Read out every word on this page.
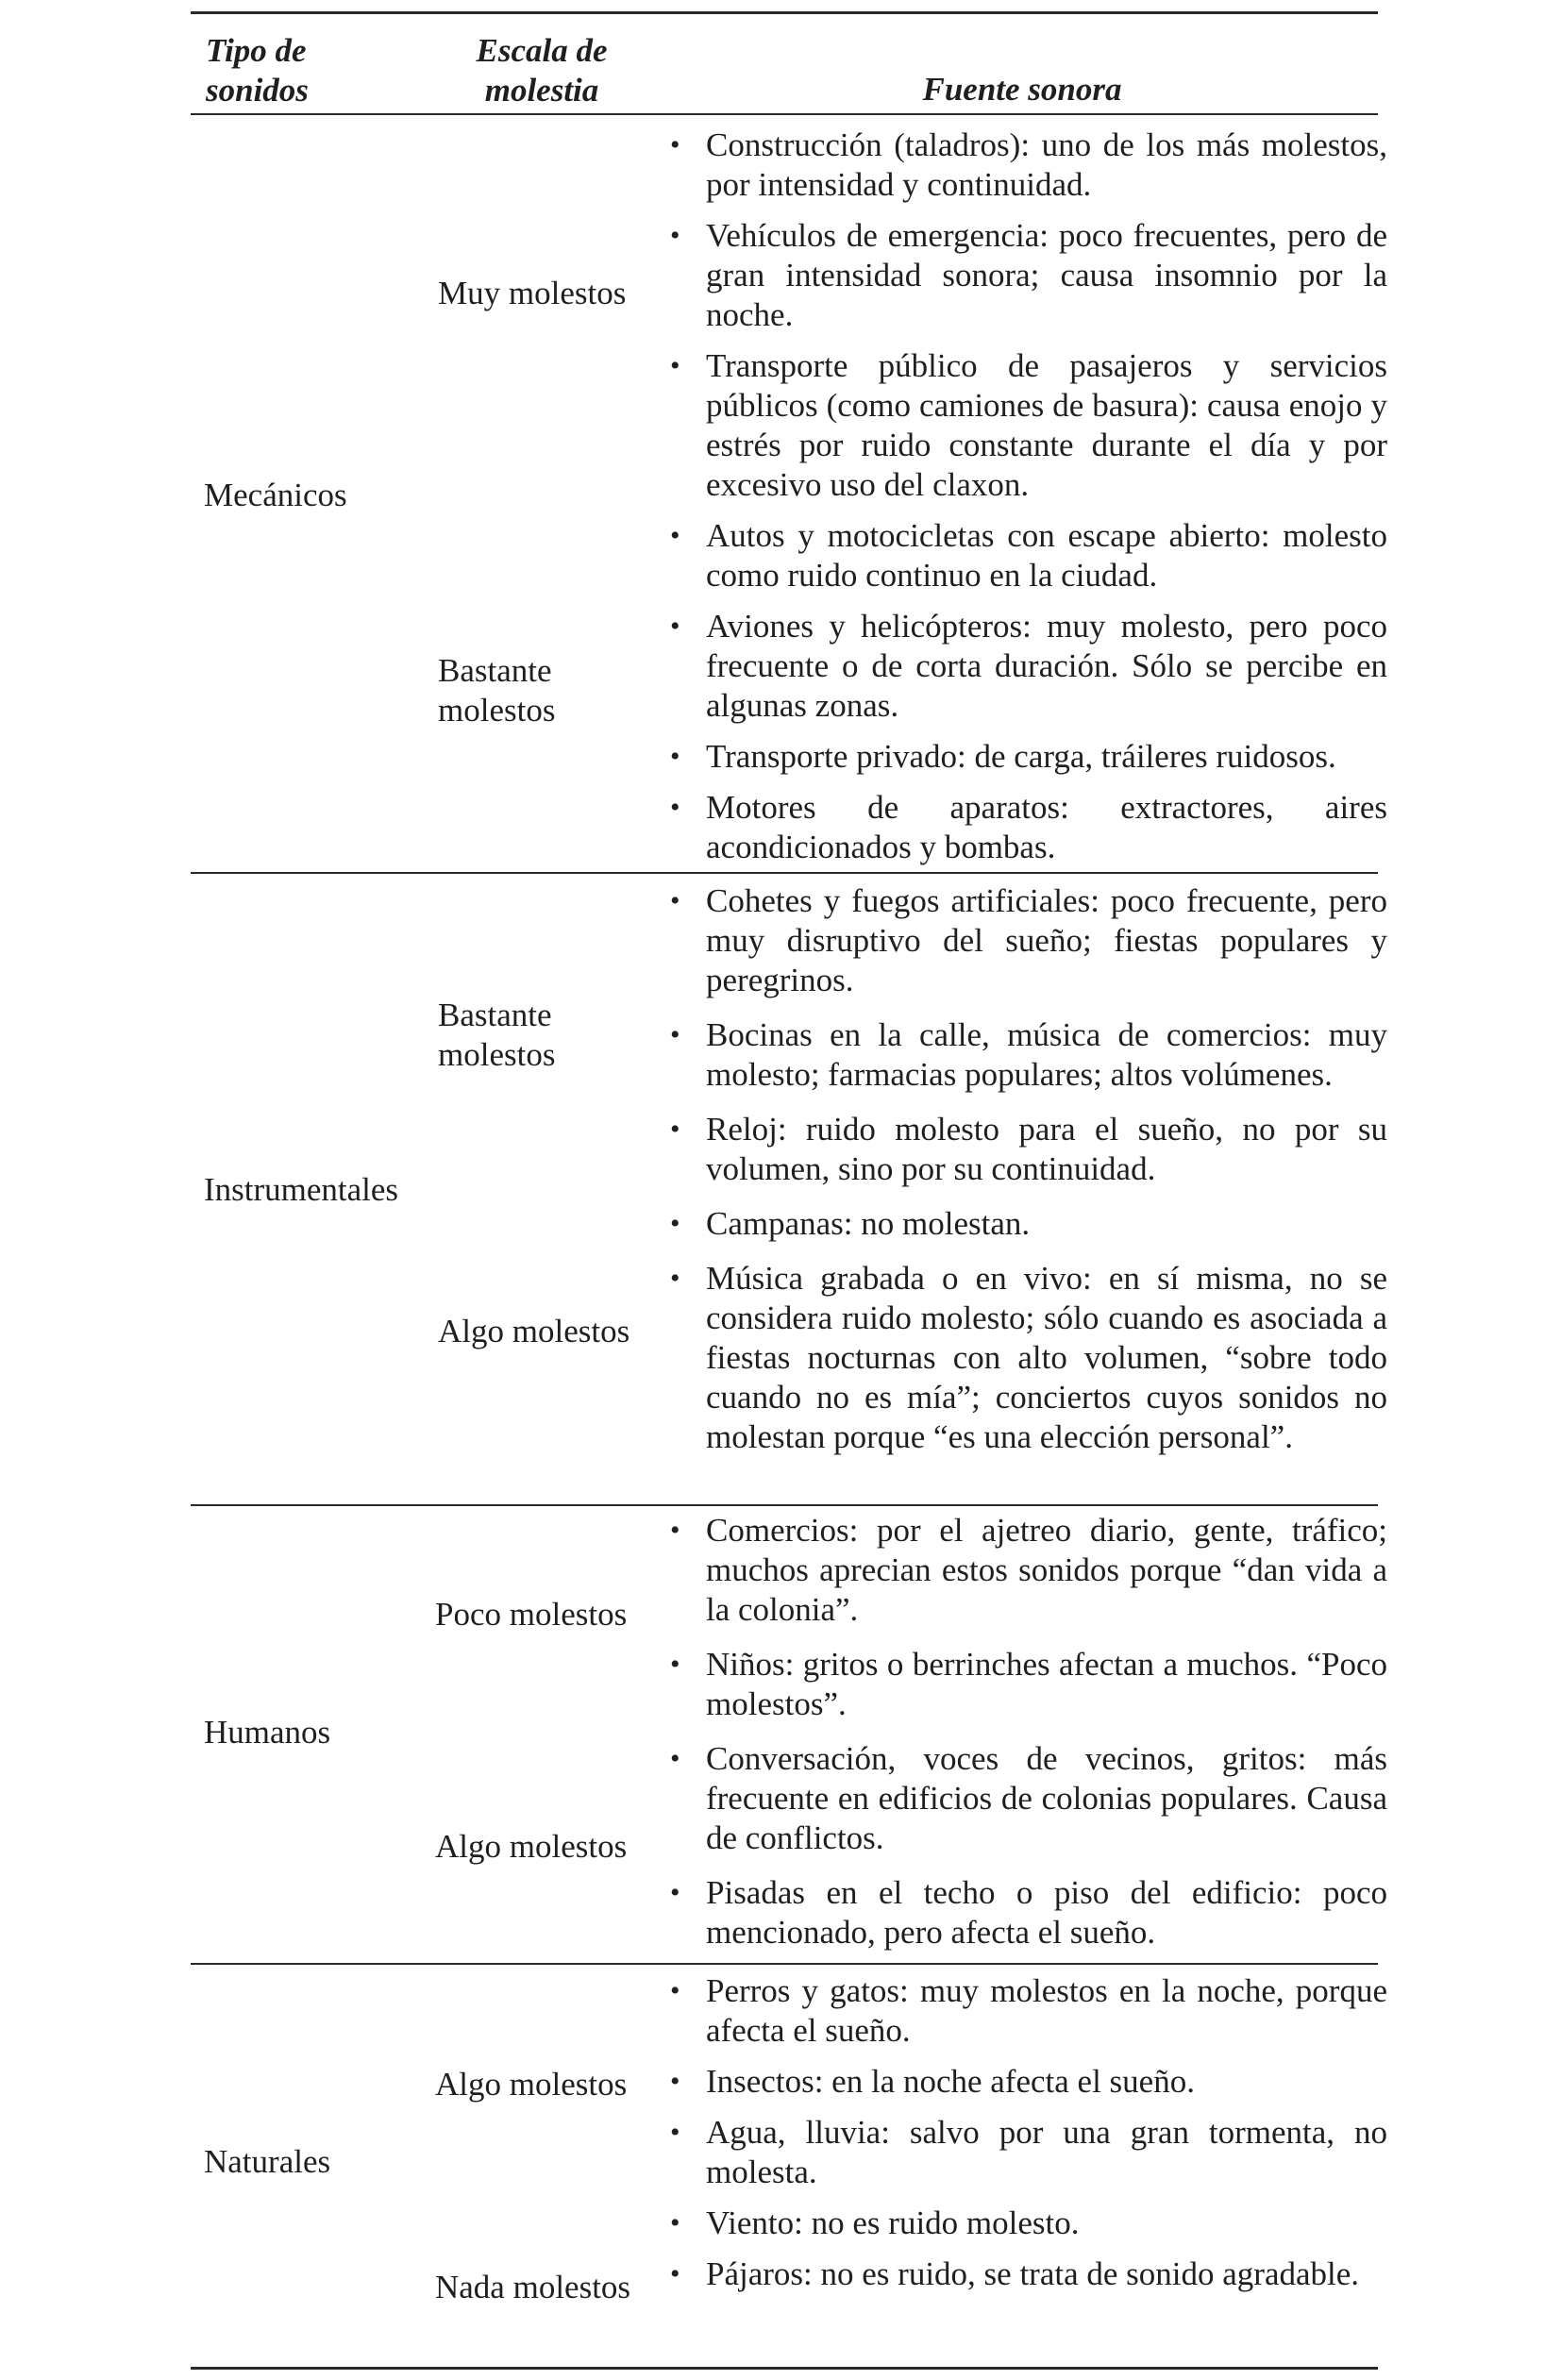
Tipo de sonidos
Escala de molestia	Fuente sonora
Mecánicos
Muy molestos
Bastante molestos
• Construcción (taladros): uno de los más molestos, por intensidad y continuidad.
• Vehículos de emergencia: poco frecuentes, pero de gran intensidad sonora; causa insomnio por la noche.
• Transporte público de pasajeros y servicios públicos (como camiones de basura): causa enojo y estrés por ruido constante durante el día y por excesivo uso del claxon.
• Autos y motocicletas con escape abierto: molesto como ruido continuo en la ciudad.
• Aviones y helicópteros: muy molesto, pero poco frecuente o de corta duración. Sólo se percibe en algunas zonas.
• Transporte privado: de carga, tráileres ruidosos.
• Motores de aparatos: extractores, aires acondicionados y bombas.
Instrumentales
Bastante molestos
Algo molestos
• Cohetes y fuegos artificiales: poco frecuente, pero muy disruptivo del sueño; fiestas populares y peregrinos.
• Bocinas en la calle, música de comercios: muy molesto; farmacias populares; altos volúmenes.
• Reloj: ruido molesto para el sueño, no por su volumen, sino por su continuidad.
• Campanas: no molestan.
• Música grabada o en vivo: en sí misma, no se considera ruido molesto; sólo cuando es asociada a fiestas nocturnas con alto volumen, “sobre todo cuando no es mía”; conciertos cuyos sonidos no molestan porque “es una elección personal”.
Humanos
Poco molestos
Algo molestos
• Comercios: por el ajetreo diario, gente, tráfico; muchos aprecian estos sonidos porque “dan vida a la colonia”.
• Niños: gritos o berrinches afectan a muchos. “Poco molestos”.
• Conversación, voces de vecinos, gritos: más frecuente en edificios de colonias populares. Causa de conflictos.
• Pisadas en el techo o piso del edificio: poco mencionado, pero afecta el sueño.
Naturales
Algo molestos
Nada molestos
• Perros y gatos: muy molestos en la noche, porque afecta el sueño.
• Insectos: en la noche afecta el sueño.
• Agua, lluvia: salvo por una gran tormenta, no molesta.
• Viento: no es ruido molesto.
• Pájaros: no es ruido, se trata de sonido agradable.
